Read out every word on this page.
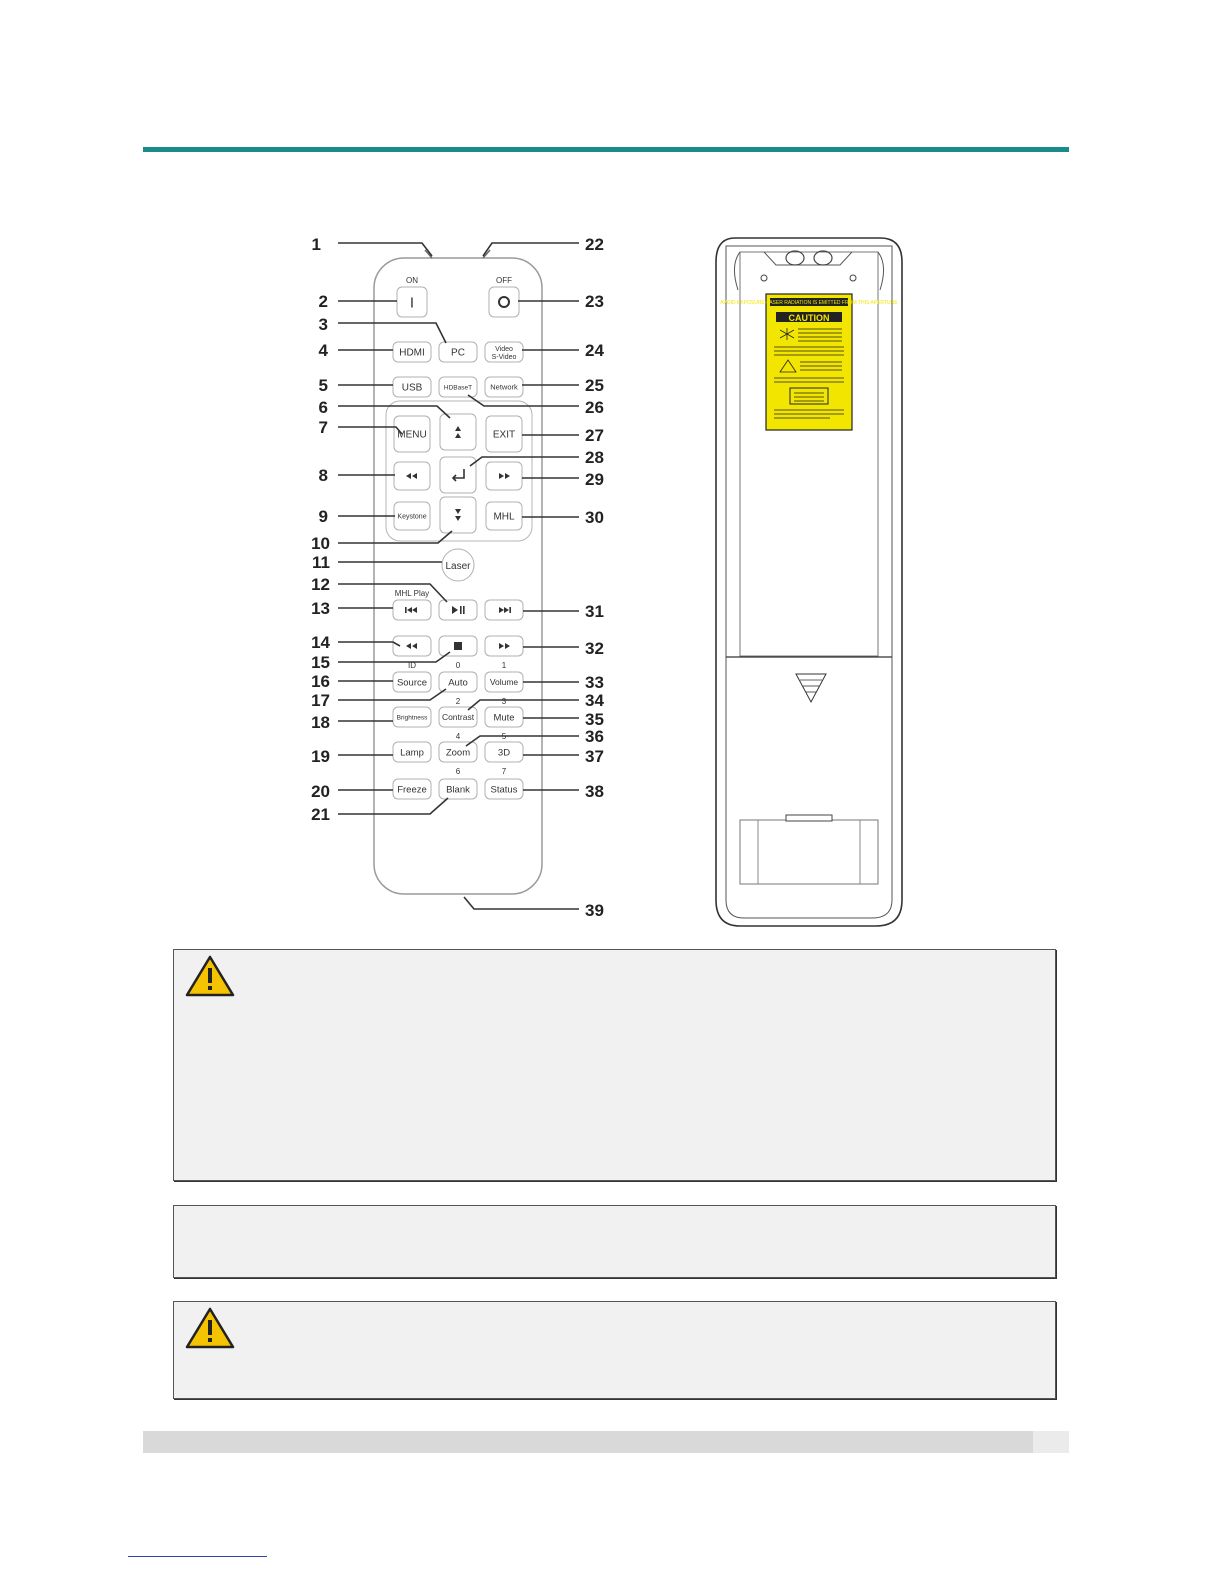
I
PC
HDMI	Video
S-Video
USB	HDBaseT Network
MENU	EXIT
Keystone	MHL
Source Auto	Volume
Brightness Contrast Mute
Lamp Zoom	3D
Freeze Blank Status
Laser
ON	OFF
MHL Play
ID	0	1
2	3
4	5
6	7
1
2
3
4
5
6
7
8
9
10
11
12
13
14
15
16
17
18
19
20
21
22
23
24
25
26
27
28
29
30
31
32
33
34
35
36
37
38
39
AVOID EXPOSURE-LASER RADIATION IS EMITTED FROM THIS APERTURE
CAUTION
